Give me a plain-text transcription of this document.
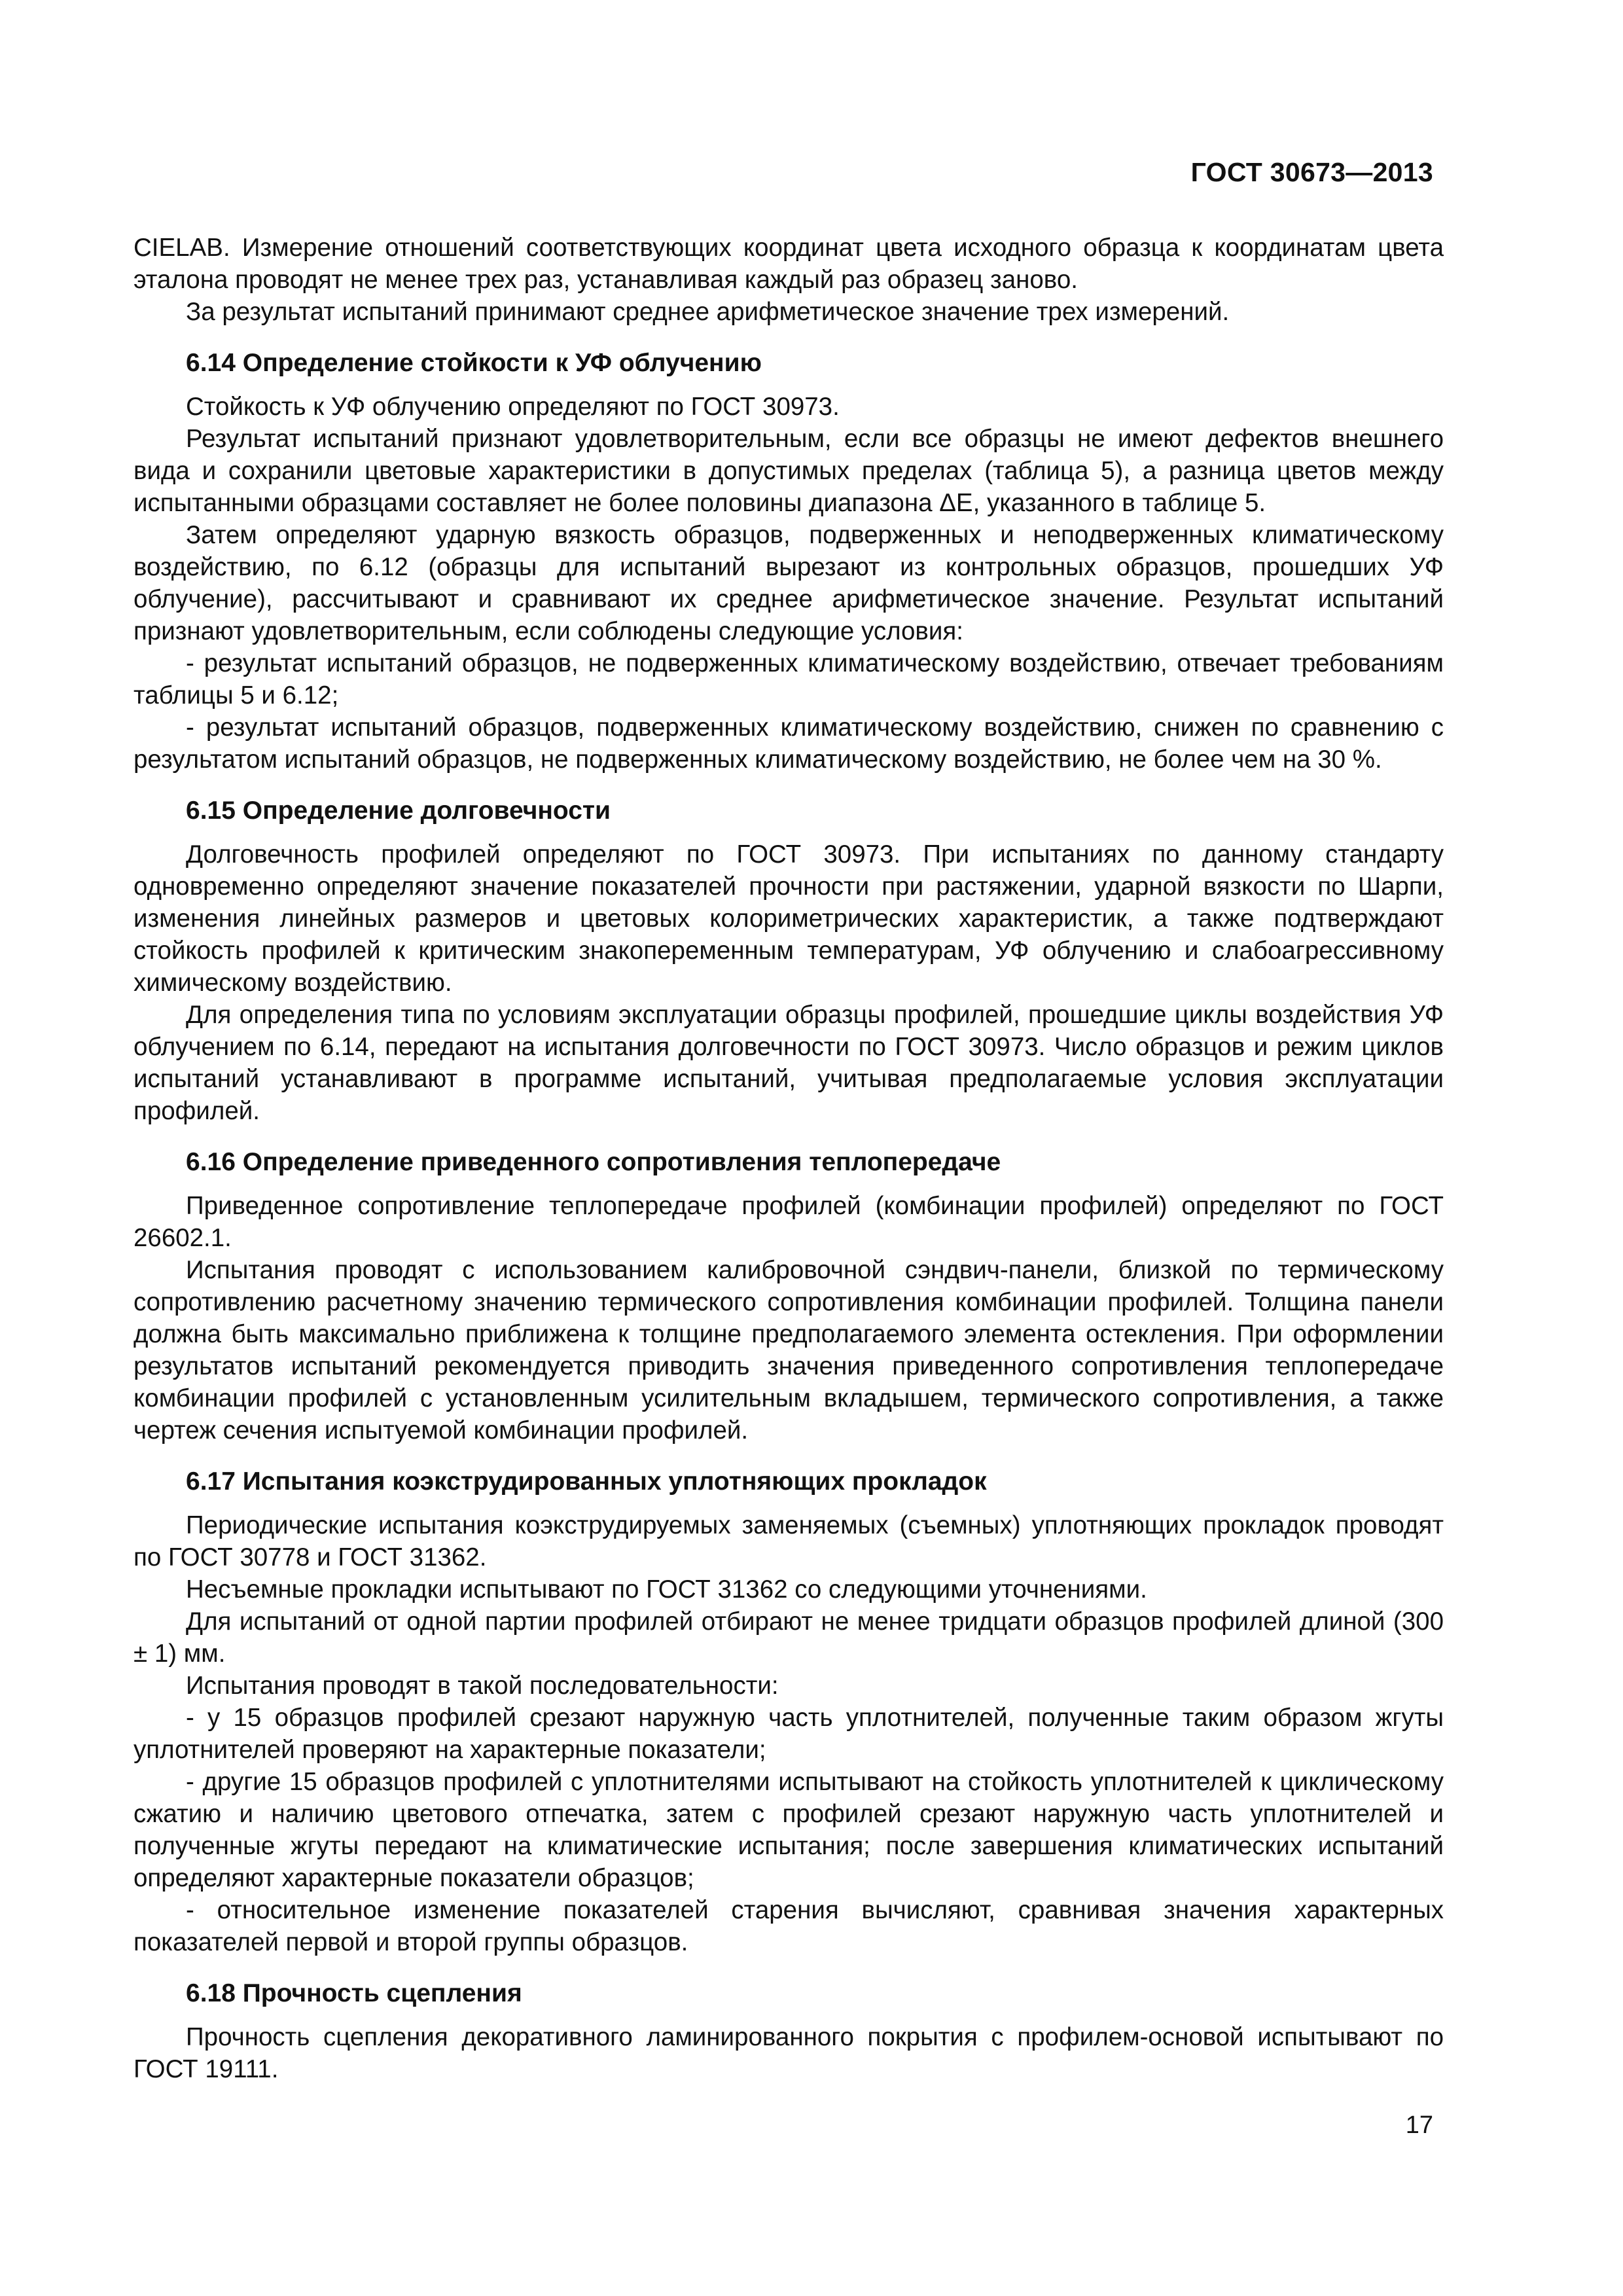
ГОСТ 30673—2013

CIELAB. Измерение отношений соответствующих координат цвета исходного образца к координатам цвета эталона проводят не менее трех раз, устанавливая каждый раз образец заново.

За результат испытаний принимают среднее арифметическое значение трех измерений.

6.14 Определение стойкости к УФ облучению

Стойкость к УФ облучению определяют по ГОСТ 30973.

Результат испытаний признают удовлетворительным, если все образцы не имеют дефектов внешнего вида и сохранили цветовые характеристики в допустимых пределах (таблица 5), а разница цветов между испытанными образцами составляет не более половины диапазона ΔE, указанного в таблице 5.

Затем определяют ударную вязкость образцов, подверженных и неподверженных климатическому воздействию, по 6.12 (образцы для испытаний вырезают из контрольных образцов, прошедших УФ облучение), рассчитывают и сравнивают их среднее арифметическое значение. Результат испытаний признают удовлетворительным, если соблюдены следующие условия:

- результат испытаний образцов, не подверженных климатическому воздействию, отвечает требованиям таблицы 5 и 6.12;

- результат испытаний образцов, подверженных климатическому воздействию, снижен по сравнению с результатом испытаний образцов, не подверженных климатическому воздействию, не более чем на 30 %.

6.15 Определение долговечности

Долговечность профилей определяют по ГОСТ 30973. При испытаниях по данному стандарту одновременно определяют значение показателей прочности при растяжении, ударной вязкости по Шарпи, изменения линейных размеров и цветовых колориметрических характеристик, а также подтверждают стойкость профилей к критическим знакопеременным температурам, УФ облучению и слабоагрессивному химическому воздействию.

Для определения типа по условиям эксплуатации образцы профилей, прошедшие циклы воздействия УФ облучением по 6.14, передают на испытания долговечности по ГОСТ 30973. Число образцов и режим циклов испытаний устанавливают в программе испытаний, учитывая предполагаемые условия эксплуатации профилей.

6.16 Определение приведенного сопротивления теплопередаче

Приведенное сопротивление теплопередаче профилей (комбинации профилей) определяют по ГОСТ 26602.1.

Испытания проводят с использованием калибровочной сэндвич-панели, близкой по термическому сопротивлению расчетному значению термического сопротивления комбинации профилей. Толщина панели должна быть максимально приближена к толщине предполагаемого элемента остекления. При оформлении результатов испытаний рекомендуется приводить значения приведенного сопротивления теплопередаче комбинации профилей с установленным усилительным вкладышем, термического сопротивления, а также чертеж сечения испытуемой комбинации профилей.

6.17 Испытания коэкструдированных уплотняющих прокладок

Периодические испытания коэкструдируемых заменяемых (съемных) уплотняющих прокладок проводят по ГОСТ 30778 и ГОСТ 31362.

Несъемные прокладки испытывают по ГОСТ 31362 со следующими уточнениями.

Для испытаний от одной партии профилей отбирают не менее тридцати образцов профилей длиной (300 ± 1) мм.

Испытания проводят в такой последовательности:

- у 15 образцов профилей срезают наружную часть уплотнителей, полученные таким образом жгуты уплотнителей проверяют на характерные показатели;

- другие 15 образцов профилей с уплотнителями испытывают на стойкость уплотнителей к циклическому сжатию и наличию цветового отпечатка, затем с профилей срезают наружную часть уплотнителей и полученные жгуты передают на климатические испытания; после завершения климатических испытаний определяют характерные показатели образцов;

- относительное изменение показателей старения вычисляют, сравнивая значения характерных показателей первой и второй группы образцов.

6.18 Прочность сцепления

Прочность сцепления декоративного ламинированного покрытия с профилем-основой испытывают по ГОСТ 19111.

17
